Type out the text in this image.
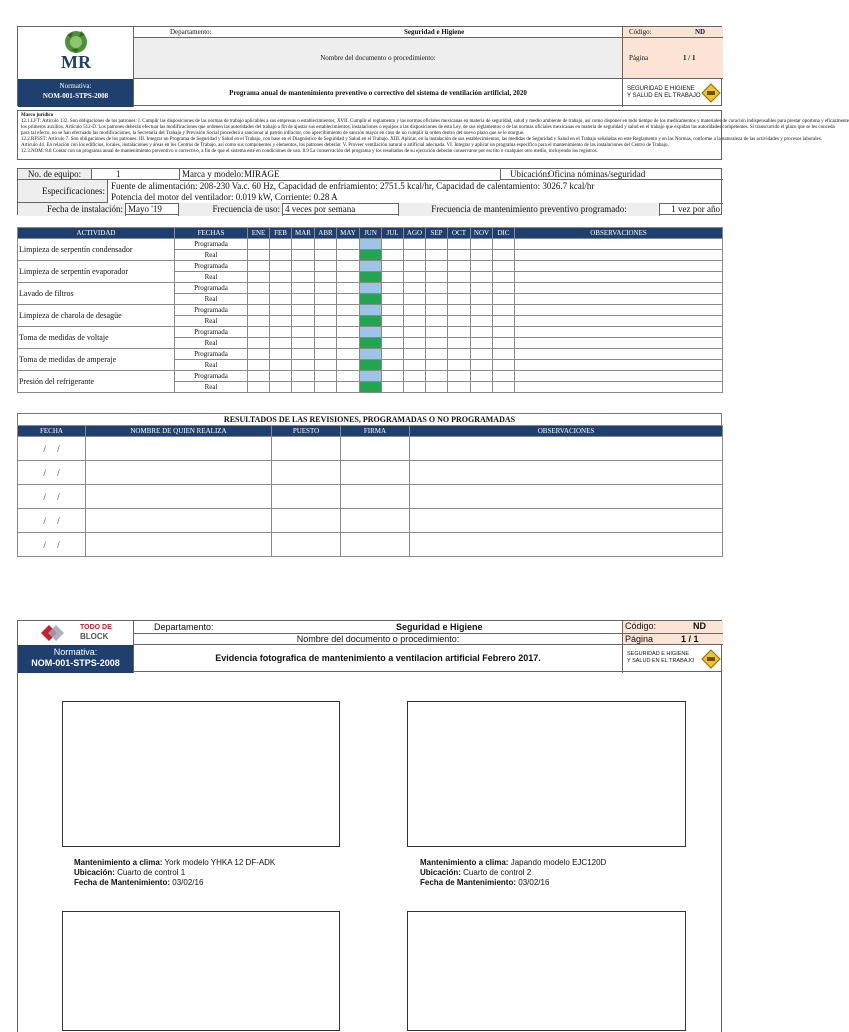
MR
Normativa:
NOM-001-STPS-2008
Departamento:	Seguridad e Higiene
Nombre del documento o procedimiento:
Programa anual de mantenimiento preventivo o correctivo del sistema de ventilación artificial, 2020
Código:	ND
Página	1 / 1
SEGURIDAD E HIGIENE
Y SALUD EN EL TRABAJO
Marco jurídico
12.1.LFT: Artículo 132. Son obligaciones de los patrones: I. Cumplir las disposiciones de las normas de trabajo aplicables a sus empresas o establecimientos; XVII. Cumplir el reglamento y las normas oficiales mexicanas en materia de seguridad, salud y medio ambiente de trabajo, así como disponer en todo tiempo de los medicamentos y materiales de curación indispensables para prestar oportuna y eficazmente
los primeros auxilios. Artículo 512-D. Los patrones deberán efectuar las modificaciones que ordenen las autoridades del trabajo a fin de ajustar sus establecimientos, instalaciones o equipos a las disposiciones de esta Ley, de sus reglamentos o de las normas oficiales mexicanas en materia de seguridad y salud en el trabajo que expidan las autoridades competentes. Si transcurrido el plazo que se les conceda
para tal efecto, no se han efectuado las modificaciones, la Secretaría del Trabajo y Previsión Social procederá a sancionar al patrón infractor, con apercibimiento de sanción mayor en caso de no cumplir la orden dentro del nuevo plazo que se le otorgue.
12.2.RFSST: Artículo 7. Son obligaciones de los patrones: III. Integrar un Programa de Seguridad y Salud en el Trabajo, con base en el Diagnóstico de Seguridad y Salud en el Trabajo. XIII. Aplicar, en la instalación de sus establecimientos, las medidas de Seguridad y Salud en el Trabajo señaladas en este Reglamento y en las Normas, conforme a la naturaleza de las actividades y procesos laborales.
Artículo 44. En relación con los edificios, locales, instalaciones y áreas en los Centros de Trabajo, así como sus componentes y elementos, los patrones deberán: V. Proveer ventilación natural o artificial adecuada. VI. Integrar y aplicar un programa específico para el mantenimiento de las instalaciones del Centro de Trabajo.
12.3.NOM: 8.8 Contar con un programa anual de mantenimiento preventivo o correctivo, a fin de que el sistema esté en condiciones de uso. 8.9 La conservación del programa y los resultados de su ejecución deberán conservarse por escrito o cualquier otro medio, incluyendo los registros.
No. de equipo:	1	Marca y modelo: MIRAGE	Ubicación:
Oficina nóminas/seguridad
Especificaciones: Fuente de alimentación: 208-230 Va.c. 60 Hz, Capacidad de enfriamiento: 2751.5 kcal/hr, Capacidad de calentamiento: 3026.7 kcal/hr
Potencia del motor del ventilador: 0.019 kW, Corriente: 0.28 A
Fecha de instalación: Mayo '19	Frecuencia de uso: 4 veces por semana	Frecuencia de mantenimiento preventivo programado:	1 vez por año
ACTIVIDAD	FECHAS	ENE	FEB	MAR	ABR	MAY	JUN	JUL	AGO	SEP	OCT	NOV	DIC	OBSERVACIONES
Limpieza de serpentín condensador	Programada													
	Real													
Limpieza de serpentín evaporador	Programada													
	Real													
Lavado de filtros	Programada													
	Real													
Limpieza de charola de desagüe	Programada													
	Real													
Toma de medidas de voltaje	Programada													
	Real													
Toma de medidas de amperaje	Programada													
	Real													
Presión del refrigerante	Programada													
	Real													
RESULTADOS DE LAS REVISIONES, PROGRAMADAS O NO PROGRAMADAS
FECHA	NOMBRE DE QUIEN REALIZA	PUESTO	FIRMA	OBSERVACIONES
/     /				
/     /				
/     /				
/     /				
/     /				
TODO DE
BLOCK
Normativa:
NOM-001-STPS-2008
Departamento:	Seguridad e Higiene
Nombre del documento o procedimiento:
Evidencia fotografica de mantenimiento a ventilacion artificial Febrero 2017.
Código:	ND
Página	1 / 1
SEGURIDAD E HIGIENE
Y SALUD EN EL TRABAJO
Mantenimiento a clima: York modelo YHKA 12 DF-ADK
Ubicación: Cuarto de control 1
Fecha de Mantenimiento: 03/02/16
Mantenimiento a clima: Japando modelo EJC120D
Ubicación: Cuarto de control 2
Fecha de Mantenimiento: 03/02/16
